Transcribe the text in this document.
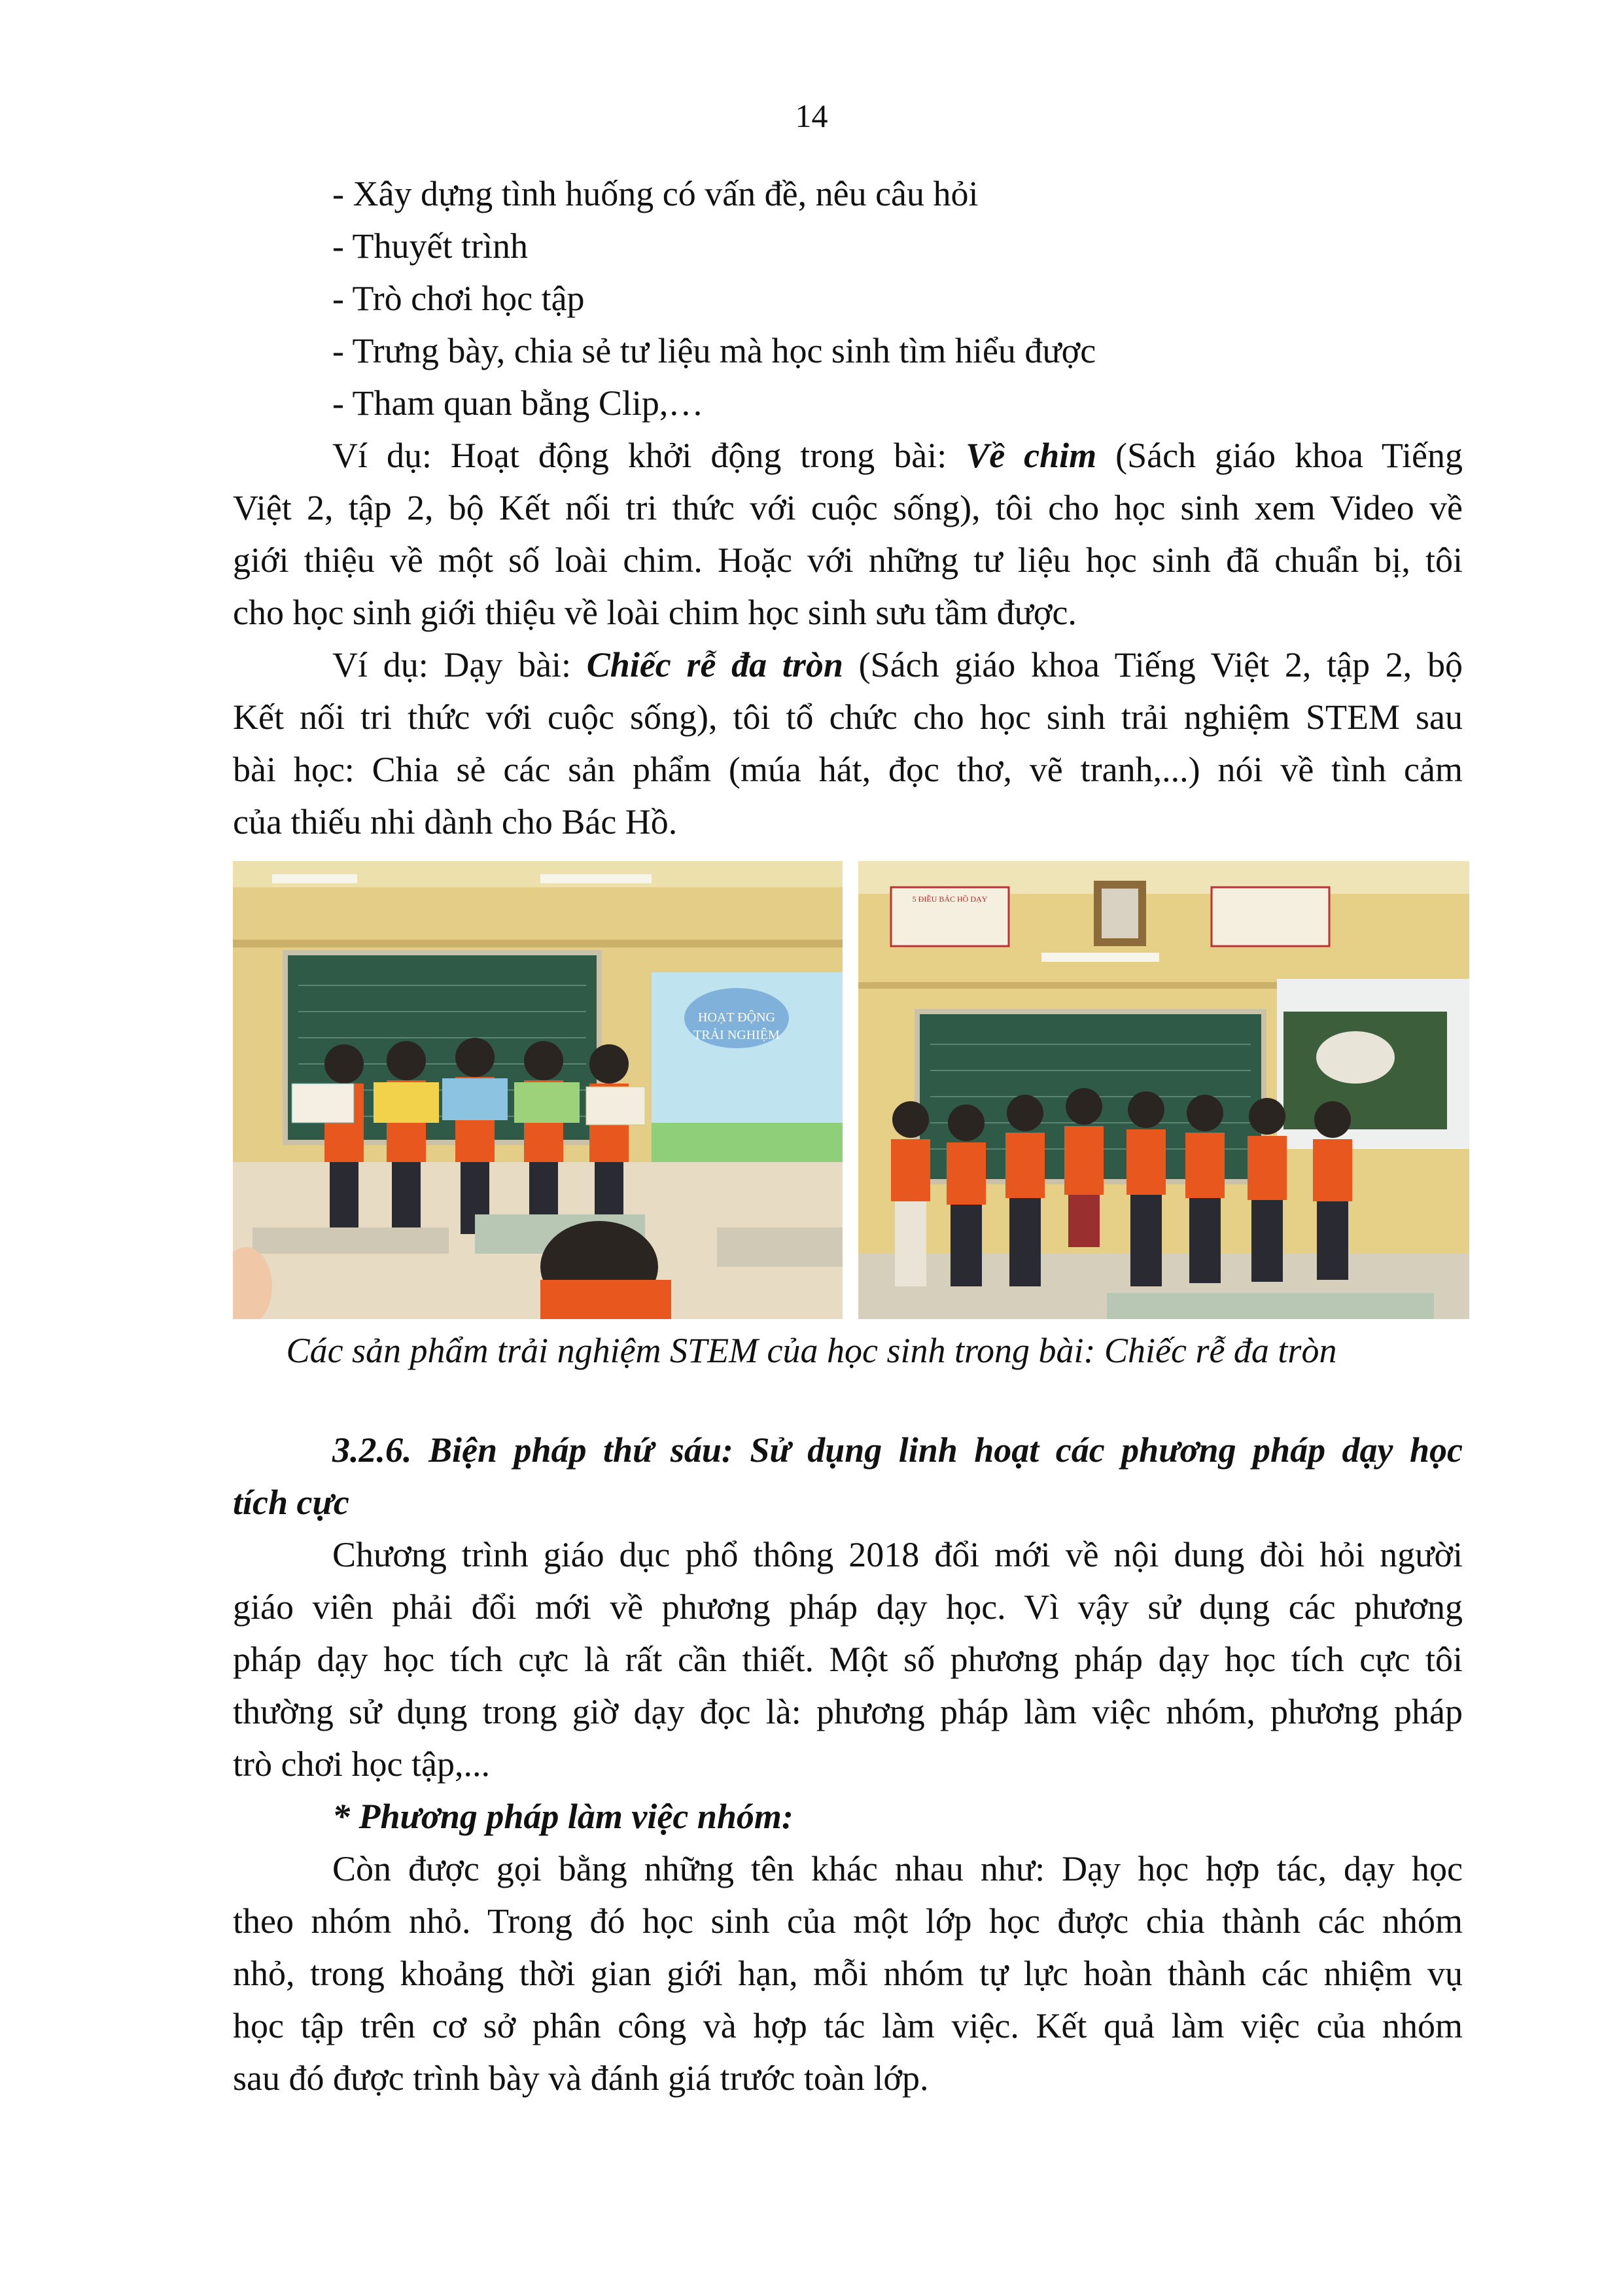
14
- Xây dựng tình huống có vấn đề, nêu câu hỏi
- Thuyết trình
- Trò chơi học tập
- Trưng bày, chia sẻ tư liệu mà học sinh tìm hiểu được
- Tham quan bằng Clip,…
Ví dụ: Hoạt động khởi động trong bài: Về chim (Sách giáo khoa Tiếng
Việt 2, tập 2, bộ Kết nối tri thức với cuộc sống), tôi cho học sinh xem Video về
giới thiệu về một số loài chim. Hoặc với những tư liệu học sinh đã chuẩn bị, tôi
cho học sinh giới thiệu về loài chim học sinh sưu tầm được.
Ví dụ: Dạy bài: Chiếc rễ đa tròn (Sách giáo khoa Tiếng Việt 2, tập 2, bộ
Kết nối tri thức với cuộc sống), tôi tổ chức cho học sinh trải nghiệm STEM sau
bài học: Chia sẻ các sản phẩm (múa hát, đọc thơ, vẽ tranh,...) nói về tình cảm
của thiếu nhi dành cho Bác Hồ.
HOẠT ĐỘNG
TRẢI NGHIỆM
5 ĐIỀU BÁC HỒ DẠY
Các sản phẩm trải nghiệm STEM của học sinh trong bài: Chiếc rễ đa tròn
3.2.6. Biện pháp thứ sáu: Sử dụng linh hoạt các phương pháp dạy học
tích cực
Chương trình giáo dục phổ thông 2018 đổi mới về nội dung đòi hỏi người
giáo viên phải đổi mới về phương pháp dạy học. Vì vậy sử dụng các phương
pháp dạy học tích cực là rất cần thiết. Một số phương pháp dạy học tích cực tôi
thường sử dụng trong giờ dạy đọc là: phương pháp làm việc nhóm, phương pháp
trò chơi học tập,...
* Phương pháp làm việc nhóm:
Còn được gọi bằng những tên khác nhau như: Dạy học hợp tác, dạy học
theo nhóm nhỏ. Trong đó học sinh của một lớp học được chia thành các nhóm
nhỏ, trong khoảng thời gian giới hạn, mỗi nhóm tự lực hoàn thành các nhiệm vụ
học tập trên cơ sở phân công và hợp tác làm việc. Kết quả làm việc của nhóm
sau đó được trình bày và đánh giá trước toàn lớp.
